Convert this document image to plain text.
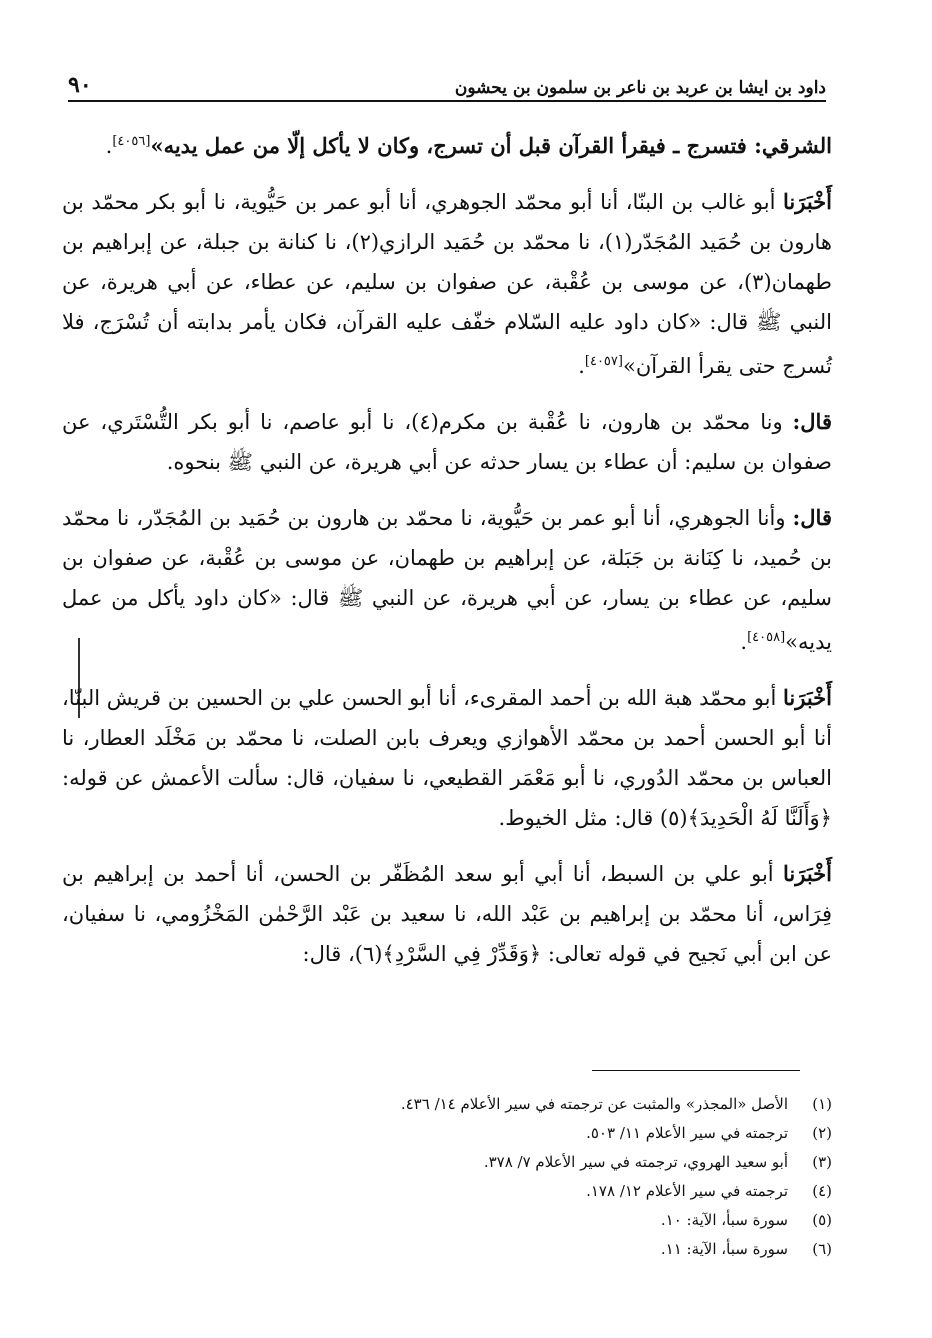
داود بن ايشا بن عربد بن ناعر بن سلمون بن يحشون
٩٠

الشرقي: فتسرج ـ فيقرأ القرآن قبل أن تسرج، وكان لا يأكل إلّا من عمل يديه»[٤٠٥٦].

أَخْبَرَنا أبو غالب بن البنّا، أنا أبو محمّد الجوهري، أنا أبو عمر بن حَيُّوية، نا أبو بكر محمّد بن هارون بن حُمَيد المُجَدّر(١)، نا محمّد بن حُمَيد الرازي(٢)، نا كنانة بن جبلة، عن إبراهيم بن طهمان(٣)، عن موسى بن عُقْبة، عن صفوان بن سليم، عن عطاء، عن أبي هريرة، عن النبي ﷺ قال: «كان داود عليه السّلام خفّف عليه القرآن، فكان يأمر بدابته أن تُسْرَج، فلا تُسرج حتى يقرأ القرآن»[٤٠٥٧].

قال: ونا محمّد بن هارون، نا عُقْبة بن مكرم(٤)، نا أبو عاصم، نا أبو بكر التُّسْتَري، عن صفوان بن سليم: أن عطاء بن يسار حدثه عن أبي هريرة، عن النبي ﷺ بنحوه.

قال: وأنا الجوهري، أنا أبو عمر بن حَيُّوية، نا محمّد بن هارون بن حُمَيد بن المُجَدّر، نا محمّد بن حُميد، نا كِنَانة بن جَبَلة، عن إبراهيم بن طهمان، عن موسى بن عُقْبة، عن صفوان بن سليم، عن عطاء بن يسار، عن أبي هريرة، عن النبي ﷺ قال: «كان داود يأكل من عمل يديه»[٤٠٥٨].

أَخْبَرَنا أبو محمّد هبة الله بن أحمد المقرىء، أنا أبو الحسن علي بن الحسين بن قريش البنّا، أنا أبو الحسن أحمد بن محمّد الأهوازي ويعرف بابن الصلت، نا محمّد بن مَخْلَد العطار، نا العباس بن محمّد الدُوري، نا أبو مَعْمَر القطيعي، نا سفيان، قال: سألت الأعمش عن قوله: ﴿وَأَلَنَّا لَهُ الْحَدِيدَ﴾(٥) قال: مثل الخيوط.

أَخْبَرَنا أبو علي بن السبط، أنا أبي أبو سعد المُظَفّر بن الحسن، أنا أحمد بن إبراهيم بن فِرَاس، أنا محمّد بن إبراهيم بن عَبْد الله، نا سعيد بن عَبْد الرَّحْمٰن المَخْزُومي، نا سفيان، عن ابن أبي نَجيح في قوله تعالى: ﴿وَقَدِّرْ فِي السَّرْدِ﴾(٦)، قال:

(١)
الأصل «المجذر» والمثبت عن ترجمته في سير الأعلام ١٤/ ٤٣٦.
(٢)
ترجمته في سير الأعلام ١١/ ٥٠٣.
(٣)
أبو سعيد الهروي، ترجمته في سير الأعلام ٧/ ٣٧٨.
(٤)
ترجمته في سير الأعلام ١٢/ ١٧٨.
(٥)
سورة سبأ، الآية: ١٠.
(٦)
سورة سبأ، الآية: ١١.
